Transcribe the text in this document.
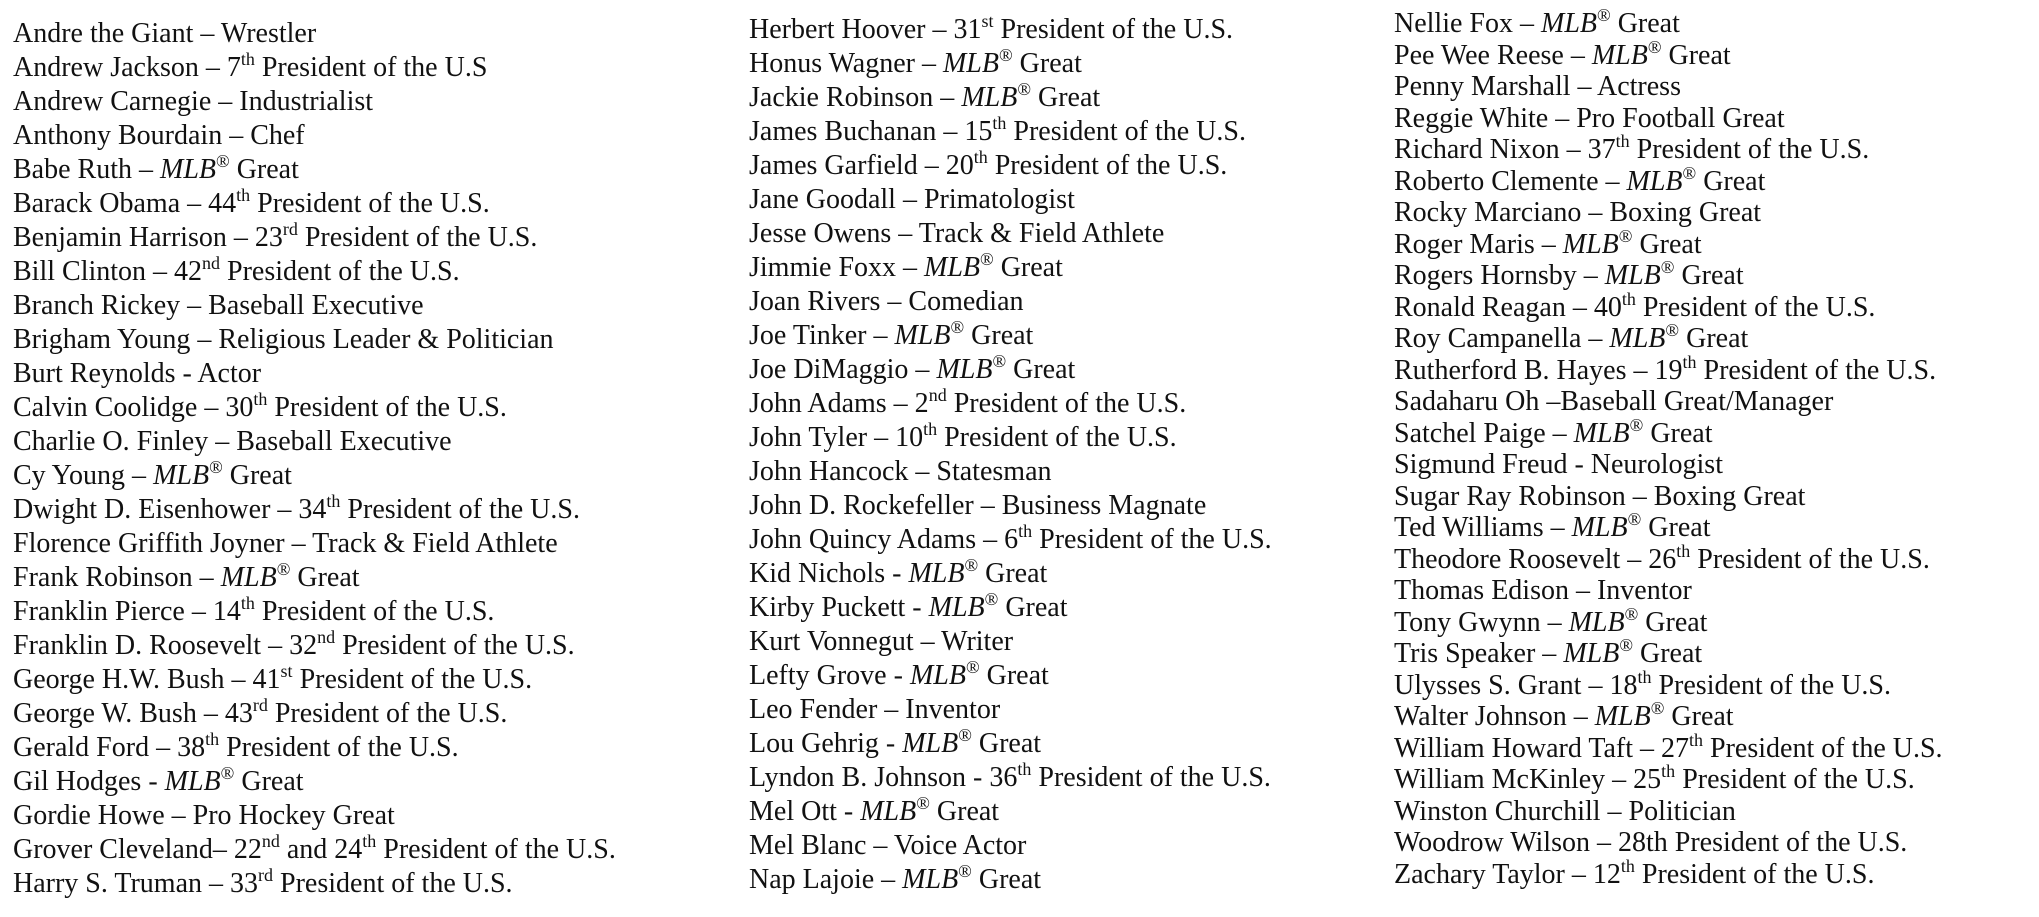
Andre the Giant – Wrestler
Andrew Jackson – 7th President of the U.S
Andrew Carnegie – Industrialist
Anthony Bourdain – Chef
Babe Ruth – MLB® Great
Barack Obama – 44th President of the U.S.
Benjamin Harrison – 23rd President of the U.S.
Bill Clinton – 42nd President of the U.S.
Branch Rickey – Baseball Executive
Brigham Young – Religious Leader & Politician
Burt Reynolds - Actor
Calvin Coolidge – 30th President of the U.S.
Charlie O. Finley – Baseball Executive
Cy Young – MLB® Great
Dwight D. Eisenhower – 34th President of the U.S.
Florence Griffith Joyner – Track & Field Athlete
Frank Robinson – MLB® Great
Franklin Pierce – 14th President of the U.S.
Franklin D. Roosevelt – 32nd President of the U.S.
George H.W. Bush – 41st President of the U.S.
George W. Bush – 43rd President of the U.S.
Gerald Ford – 38th President of the U.S.
Gil Hodges - MLB® Great
Gordie Howe – Pro Hockey Great
Grover Cleveland– 22nd and 24th President of the U.S.
Harry S. Truman – 33rd President of the U.S.
Herbert Hoover – 31st President of the U.S.
Honus Wagner – MLB® Great
Jackie Robinson – MLB® Great
James Buchanan – 15th President of the U.S.
James Garfield – 20th President of the U.S.
Jane Goodall – Primatologist
Jesse Owens – Track & Field Athlete
Jimmie Foxx – MLB® Great
Joan Rivers – Comedian
Joe Tinker – MLB® Great
Joe DiMaggio – MLB® Great
John Adams – 2nd President of the U.S.
John Tyler – 10th President of the U.S.
John Hancock – Statesman
John D. Rockefeller – Business Magnate
John Quincy Adams – 6th President of the U.S.
Kid Nichols - MLB® Great
Kirby Puckett - MLB® Great
Kurt Vonnegut – Writer
Lefty Grove - MLB® Great
Leo Fender – Inventor
Lou Gehrig - MLB® Great
Lyndon B. Johnson - 36th President of the U.S.
Mel Ott - MLB® Great
Mel Blanc – Voice Actor
Nap Lajoie – MLB® Great
Nellie Fox – MLB® Great
Pee Wee Reese – MLB® Great
Penny Marshall – Actress
Reggie White – Pro Football Great
Richard Nixon – 37th President of the U.S.
Roberto Clemente – MLB® Great
Rocky Marciano – Boxing Great
Roger Maris – MLB® Great
Rogers Hornsby – MLB® Great
Ronald Reagan – 40th President of the U.S.
Roy Campanella – MLB® Great
Rutherford B. Hayes – 19th President of the U.S.
Sadaharu Oh –Baseball Great/Manager
Satchel Paige – MLB® Great
Sigmund Freud - Neurologist
Sugar Ray Robinson – Boxing Great
Ted Williams – MLB® Great
Theodore Roosevelt – 26th President of the U.S.
Thomas Edison – Inventor
Tony Gwynn – MLB® Great
Tris Speaker – MLB® Great
Ulysses S. Grant – 18th President of the U.S.
Walter Johnson – MLB® Great
William Howard Taft – 27th President of the U.S.
William McKinley – 25th President of the U.S.
Winston Churchill – Politician
Woodrow Wilson – 28th President of the U.S.
Zachary Taylor – 12th President of the U.S.
